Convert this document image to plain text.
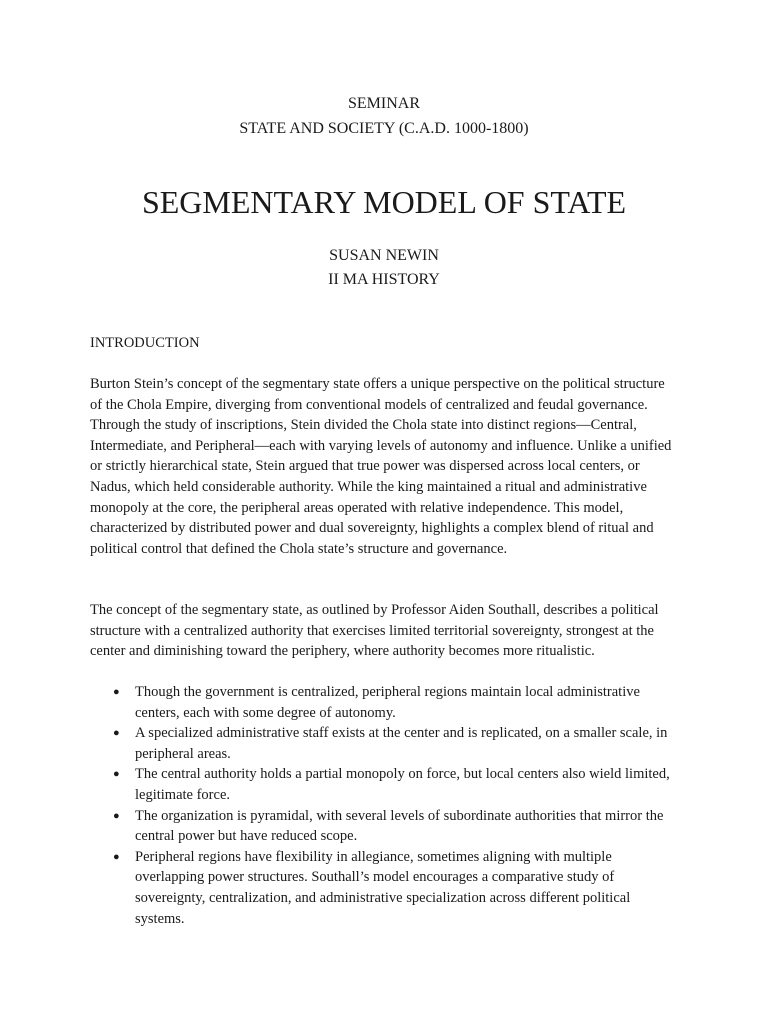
SEMINAR

STATE AND SOCIETY (C.A.D. 1000-1800)

SEGMENTARY MODEL OF STATE

SUSAN NEWIN

II MA HISTORY

INTRODUCTION

Burton Stein’s concept of the segmentary state offers a unique perspective on the political structure of the Chola Empire, diverging from conventional models of centralized and feudal governance. Through the study of inscriptions, Stein divided the Chola state into distinct regions—Central, Intermediate, and Peripheral—each with varying levels of autonomy and influence. Unlike a unified or strictly hierarchical state, Stein argued that true power was dispersed across local centers, or Nadus, which held considerable authority. While the king maintained a ritual and administrative monopoly at the core, the peripheral areas operated with relative independence. This model, characterized by distributed power and dual sovereignty, highlights a complex blend of ritual and political control that defined the Chola state’s structure and governance.

The concept of the segmentary state, as outlined by Professor Aiden Southall, describes a political structure with a centralized authority that exercises limited territorial sovereignty, strongest at the center and diminishing toward the periphery, where authority becomes more ritualistic.

● Though the government is centralized, peripheral regions maintain local administrative centers, each with some degree of autonomy.
● A specialized administrative staff exists at the center and is replicated, on a smaller scale, in peripheral areas.
● The central authority holds a partial monopoly on force, but local centers also wield limited, legitimate force.
● The organization is pyramidal, with several levels of subordinate authorities that mirror the central power but have reduced scope.
● Peripheral regions have flexibility in allegiance, sometimes aligning with multiple overlapping power structures. Southall’s model encourages a comparative study of sovereignty, centralization, and administrative specialization across different political systems.
